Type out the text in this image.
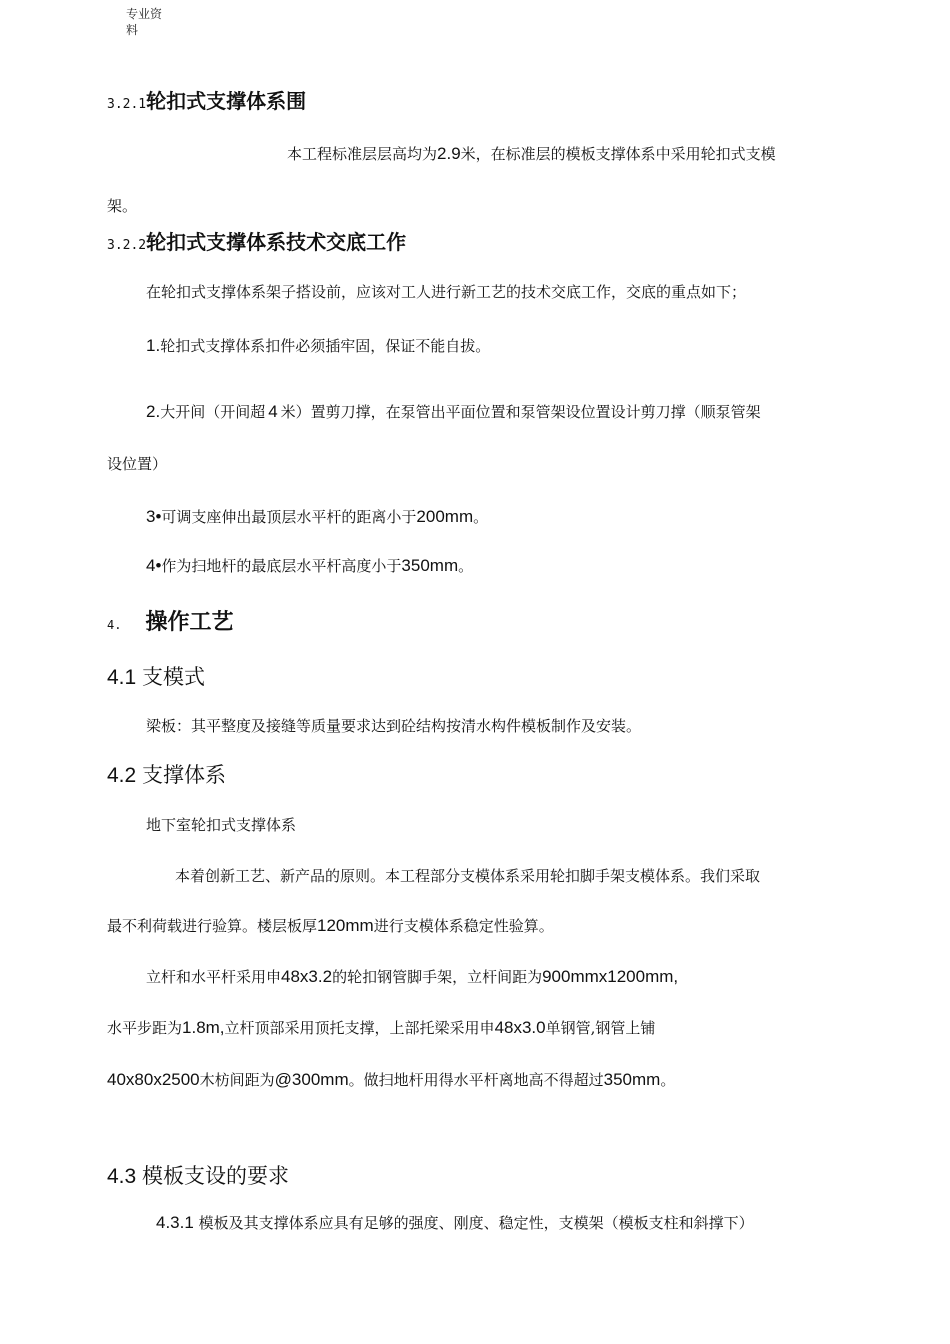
专业资
料
3.2.1轮扣式支撑体系围
本工程标准层层高均为2.9米，在标准层的模板支撑体系中采用轮扣式支模
架。
3.2.2轮扣式支撑体系技术交底工作
在轮扣式支撑体系架子搭设前，应该对工人进行新工艺的技术交底工作，交底的重点如下；
1.轮扣式支撑体系扣件必须插牢固，保证不能自拔。
2.大开间（开间超 4 米）置剪刀撑，在泵管出平面位置和泵管架设位置设计剪刀撑（顺泵管架
设位置）
3•可调支座伸出最顶层水平杆的距离小于200mm。
4•作为扫地杆的最底层水平杆高度小于350mm。
4. 操作工艺
4.1 支模式
梁板：其平整度及接缝等质量要求达到砼结构按清水构件模板制作及安装。
4.2 支撑体系
地下室轮扣式支撑体系
本着创新工艺、新产品的原则。本工程部分支模体系采用轮扣脚手架支模体系。我们采取
最不利荷载进行验算。楼层板厚120mm进行支模体系稳定性验算。
立杆和水平杆采用申48x3.2的轮扣钢管脚手架，立杆间距为900mmx1200mm,
水平步距为1.8m,立杆顶部采用顶托支撑，上部托梁采用申48x3.0单钢管,钢管上铺
40x80x2500木枋间距为@300mm。做扫地杆用得水平杆离地高不得超过350mm。
4.3 模板支设的要求
4.3.1 模板及其支撑体系应具有足够的强度、刚度、稳定性，支模架（模板支柱和斜撑下）
